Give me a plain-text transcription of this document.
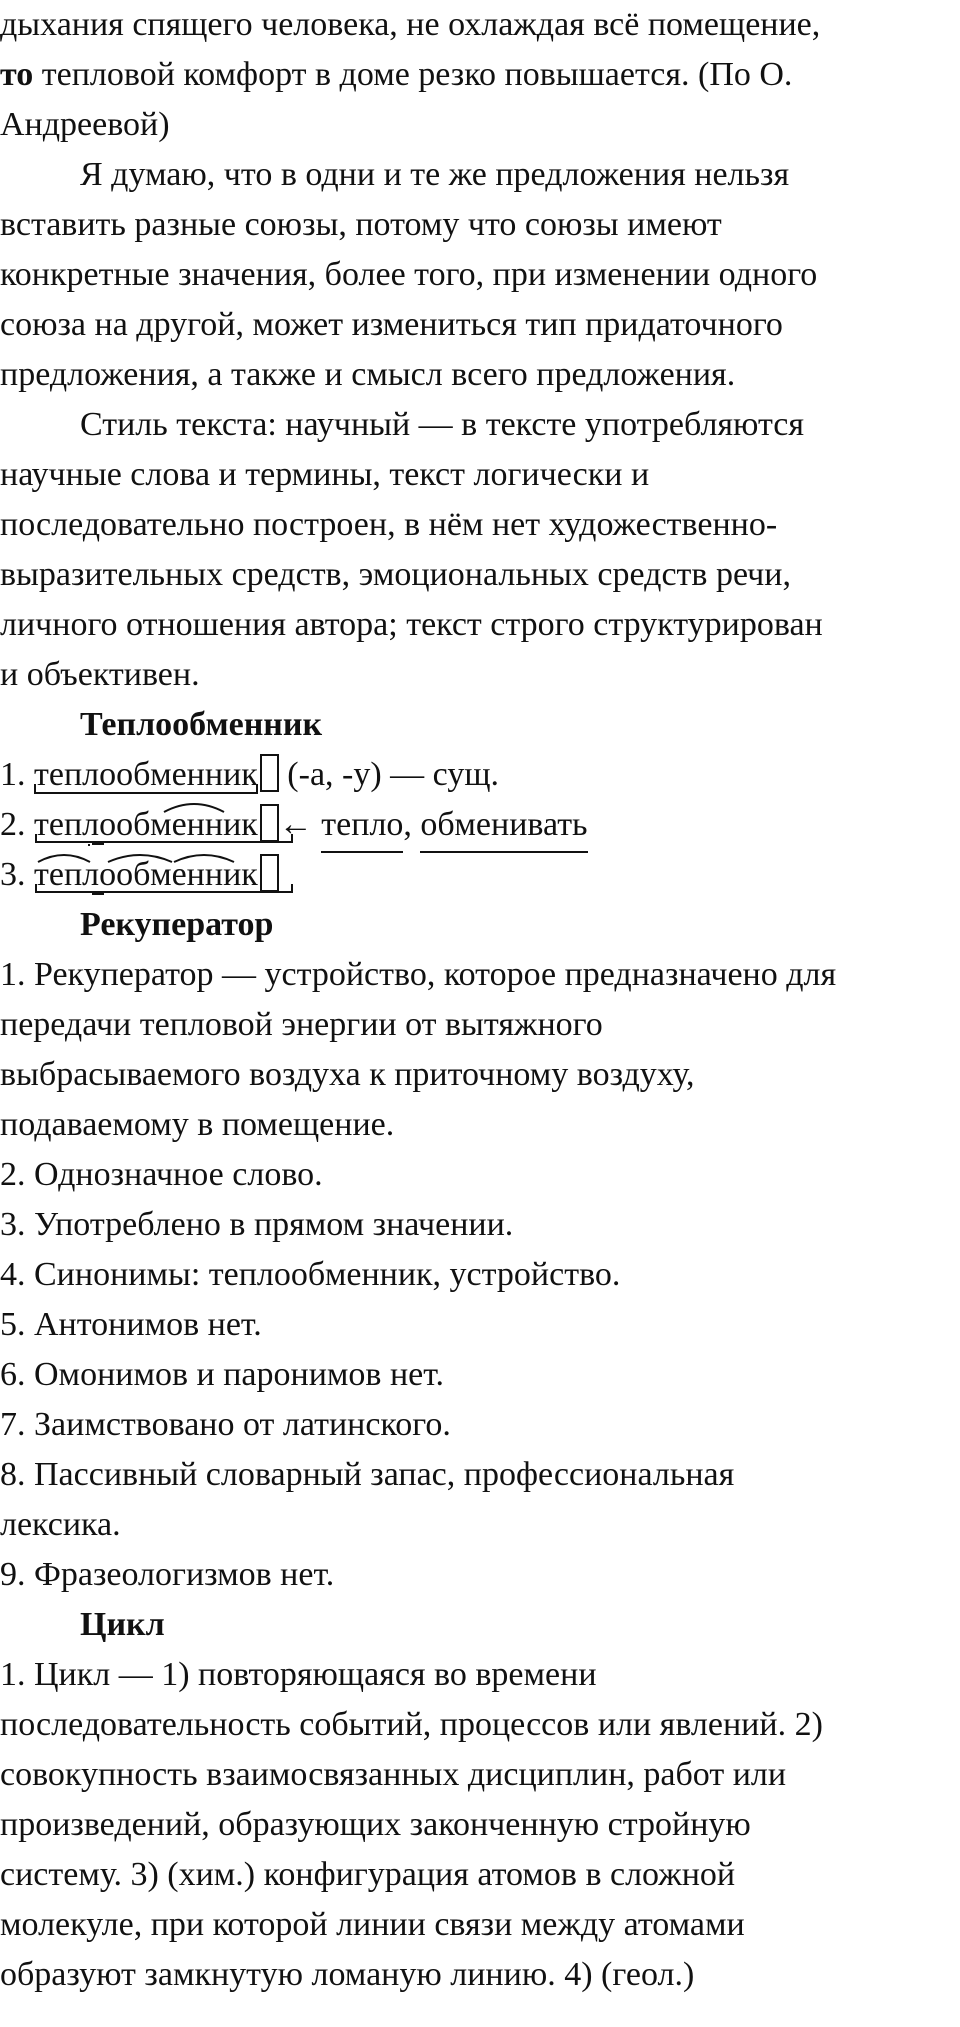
дыхания спящего человека, не охлаждая всё помещение,
то тепловой комфорт в доме резко повышается. (По О.
Андреевой)
Я думаю, что в одни и те же предложения нельзя
вставить разные союзы, потому что союзы имеют
конкретные значения, более того, при изменении одного
союза на другой, может измениться тип придаточного
предложения, а также и смысл всего предложения.
Стиль текста: научный — в тексте употребляются
научные слова и термины, текст логически и
последовательно построен, в нём нет художественно-
выразительных средств, эмоциональных средств речи,
личного отношения автора; текст строго структурирован
и объективен.
Теплообменник
1. теплообменник
(-а, -у) — сущ.
2. теплообменник ← тепло, обменивать
3. теплообменник
Рекуператор
1. Рекуператор — устройство, которое предназначено для
передачи тепловой энергии от вытяжного
выбрасываемого воздуха к приточному воздуху,
подаваемому в помещение.
2. Однозначное слово.
3. Употреблено в прямом значении.
4. Синонимы: теплообменник, устройство.
5. Антонимов нет.
6. Омонимов и паронимов нет.
7. Заимствовано от латинского.
8. Пассивный словарный запас, профессиональная
лексика.
9. Фразеологизмов нет.
Цикл
1. Цикл — 1) повторяющаяся во времени
последовательность событий, процессов или явлений. 2)
совокупность взаимосвязанных дисциплин, работ или
произведений, образующих законченную стройную
систему. 3) (хим.) конфигурация атомов в сложной
молекуле, при которой линии связи между атомами
образуют замкнутую ломаную линию. 4) (геол.)
